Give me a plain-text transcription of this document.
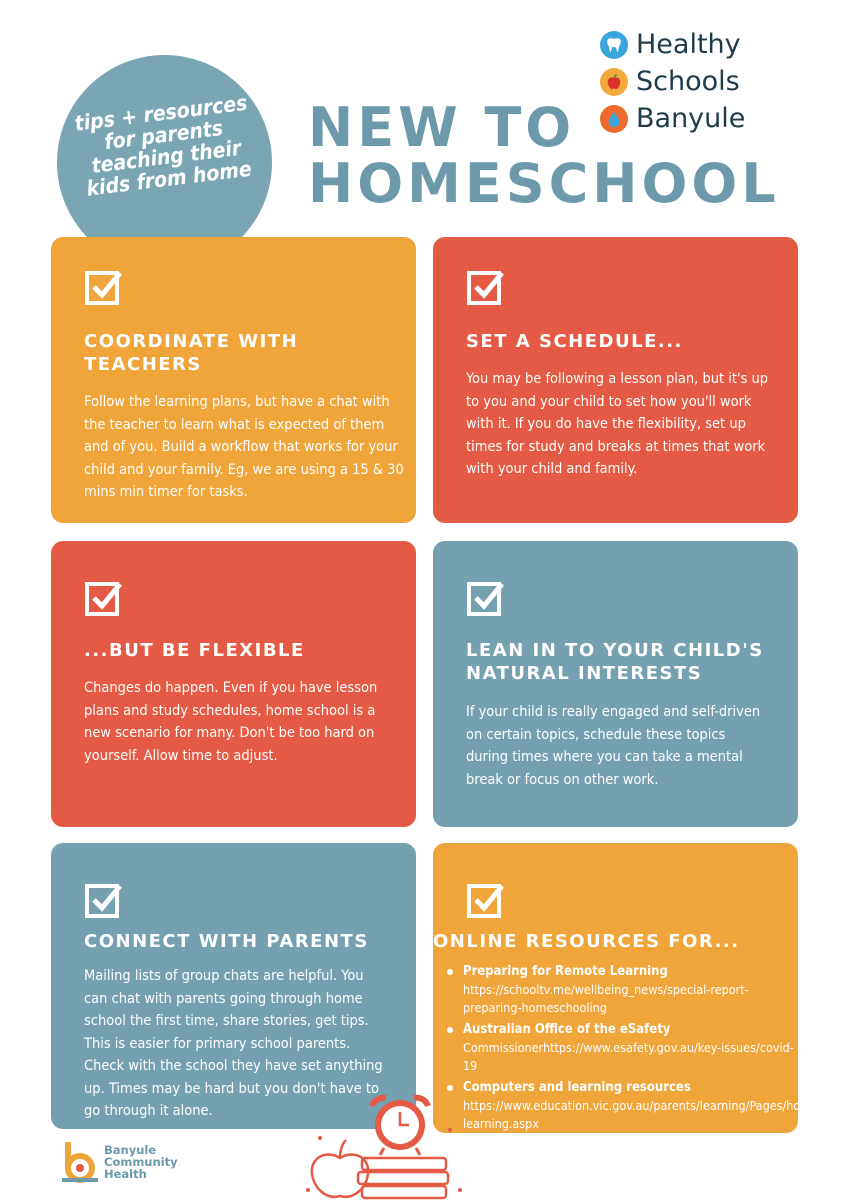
tips + resources for parents teaching their kids from home
NEW TO
HOMESCHOOL
Healthy
Schools
Banyule
COORDINATE WITH TEACHERS

Follow the learning plans, but have a chat with the teacher to learn what is expected of them and of you. Build a workflow that works for your child and your family. Eg, we are using a 15 & 30 mins min timer for tasks.

SET A SCHEDULE...

You may be following a lesson plan, but it's up to you and your child to set how you'll work with it. If you do have the flexibility, set up times for study and breaks at times that work with your child and family.

...BUT BE FLEXIBLE

Changes do happen. Even if you have lesson plans and study schedules, home school is a new scenario for many. Don't be too hard on yourself. Allow time to adjust.

LEAN IN TO YOUR CHILD'S NATURAL INTERESTS

If your child is really engaged and self-driven on certain topics, schedule these topics during times where you can take a mental break or focus on other work.

CONNECT WITH PARENTS

Mailing lists of group chats are helpful. You can chat with parents going through home school the first time, share stories, get tips. This is easier for primary school parents. Check with the school they have set anything up. Times may be hard but you don't have to go through it alone.

ONLINE RESOURCES FOR...
Preparing for Remote Learning
https://schooltv.me/wellbeing_news/special-report-preparing-homeschooling
Australian Office of the eSafety
Commissionerhttps://www.esafety.gov.au/key-issues/covid-19
Computers and learning resources
https://www.education.vic.gov.au/parents/learning/Pages/home-learning.aspx
Banyule
Community
Health
